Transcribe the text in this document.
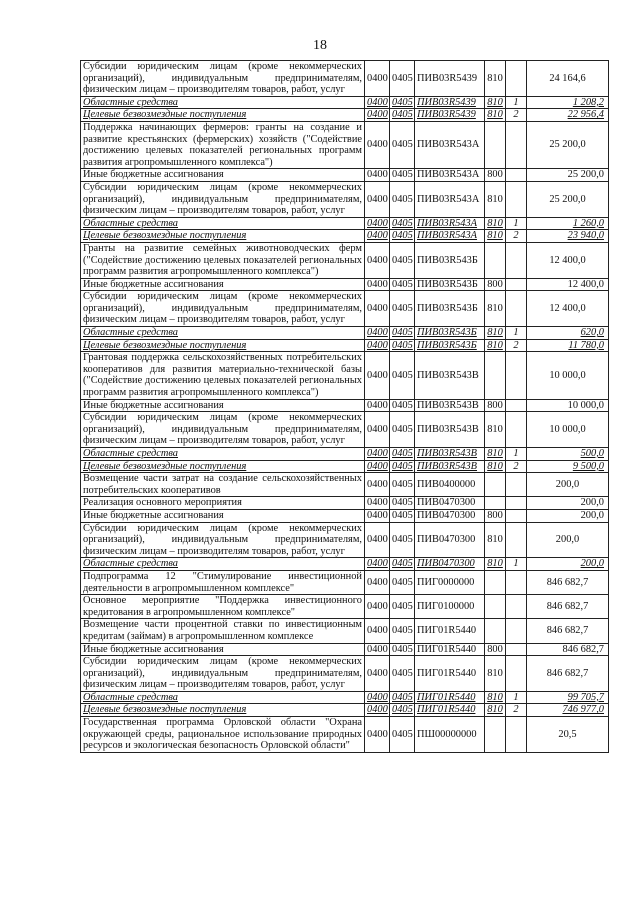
18
Субсидии юридическим лицам (кроме некоммерческих организаций), индивидуальным предпринимателям, физическим лицам – производителям товаров, работ, услуг	0400	0405	ПИВ03R5439	810		24 164,6
Областные средства	0400	0405	ПИВ03R5439	810	1	1 208,2
Целевые безвозмездные поступления	0400	0405	ПИВ03R5439	810	2	22 956,4
Поддержка начинающих фермеров: гранты на создание и развитие крестьянских (фермерских) хозяйств ("Содействие достижению целевых показателей региональных программ развития агропромышленного комплекса")	0400	0405	ПИВ03R543А			25 200,0
Иные бюджетные ассигнования	0400	0405	ПИВ03R543А	800		25 200,0
Субсидии юридическим лицам (кроме некоммерческих организаций), индивидуальным предпринимателям, физическим лицам – производителям товаров, работ, услуг	0400	0405	ПИВ03R543А	810		25 200,0
Областные средства	0400	0405	ПИВ03R543А	810	1	1 260,0
Целевые безвозмездные поступления	0400	0405	ПИВ03R543А	810	2	23 940,0
Гранты на развитие семейных животноводческих ферм ("Содействие достижению целевых показателей региональных программ развития агропромышленного комплекса")	0400	0405	ПИВ03R543Б			12 400,0
Иные бюджетные ассигнования	0400	0405	ПИВ03R543Б	800		12 400,0
Субсидии юридическим лицам (кроме некоммерческих организаций), индивидуальным предпринимателям, физическим лицам – производителям товаров, работ, услуг	0400	0405	ПИВ03R543Б	810		12 400,0
Областные средства	0400	0405	ПИВ03R543Б	810	1	620,0
Целевые безвозмездные поступления	0400	0405	ПИВ03R543Б	810	2	11 780,0
Грантовая поддержка сельскохозяйственных потребительских кооперативов для развития материально-технической базы ("Содействие достижению целевых показателей региональных программ развития агропромышленного комплекса")	0400	0405	ПИВ03R543В			10 000,0
Иные бюджетные ассигнования	0400	0405	ПИВ03R543В	800		10 000,0
Субсидии юридическим лицам (кроме некоммерческих организаций), индивидуальным предпринимателям, физическим лицам – производителям товаров, работ, услуг	0400	0405	ПИВ03R543В	810		10 000,0
Областные средства	0400	0405	ПИВ03R543В	810	1	500,0
Целевые безвозмездные поступления	0400	0405	ПИВ03R543В	810	2	9 500,0
Возмещение части затрат на создание сельскохозяйственных потребительских кооперативов	0400	0405	ПИВ0400000			200,0
Реализация основного мероприятия	0400	0405	ПИВ0470300			200,0
Иные бюджетные ассигнования	0400	0405	ПИВ0470300	800		200,0
Субсидии юридическим лицам (кроме некоммерческих организаций), индивидуальным предпринимателям, физическим лицам – производителям товаров, работ, услуг	0400	0405	ПИВ0470300	810		200,0
Областные средства	0400	0405	ПИВ0470300	810	1	200,0
Подпрограмма 12 "Стимулирование инвестиционной деятельности в агропромышленном комплексе"	0400	0405	ПИГ0000000			846 682,7
Основное мероприятие "Поддержка инвестиционного кредитования в агропромышленном комплексе"	0400	0405	ПИГ0100000			846 682,7
Возмещение части процентной ставки по инвестиционным кредитам (займам) в агропромышленном комплексе	0400	0405	ПИГ01R5440			846 682,7
Иные бюджетные ассигнования	0400	0405	ПИГ01R5440	800		846 682,7
Субсидии юридическим лицам (кроме некоммерческих организаций), индивидуальным предпринимателям, физическим лицам – производителям товаров, работ, услуг	0400	0405	ПИГ01R5440	810		846 682,7
Областные средства	0400	0405	ПИГ01R5440	810	1	99 705,7
Целевые безвозмездные поступления	0400	0405	ПИГ01R5440	810	2	746 977,0
Государственная программа Орловской области "Охрана окружающей среды, рациональное использование природных ресурсов и экологическая безопасность Орловской области"	0400	0405	ПШ00000000			20,5
